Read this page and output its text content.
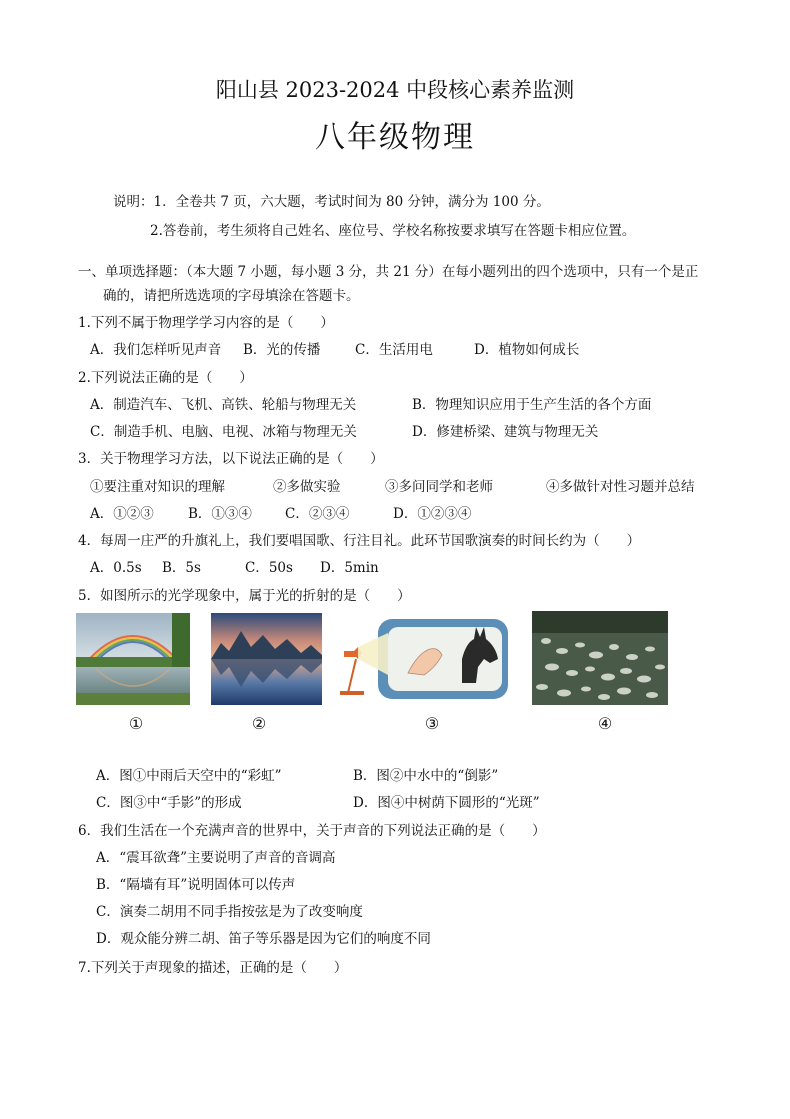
阳山县 2023-2024 中段核心素养监测
八年级物理
说明：1．全卷共 7 页，六大题，考试时间为 80 分钟，满分为 100 分。
2.答卷前，考生须将自己姓名、座位号、学校名称按要求填写在答题卡相应位置。
一、单项选择题：（本大题 7 小题，每小题 3 分，共 21 分）在每小题列出的四个选项中，只有一个是正
确的，请把所选选项的字母填涂在答题卡。
1.下列不属于物理学学习内容的是（　　）
A．我们怎样听见声音 B．光的传播	C．生活用电	D．植物如何成长
2.下列说法正确的是（　　）
A．制造汽车、飞机、高铁、轮船与物理无关	B．物理知识应用于生产生活的各个方面
C．制造手机、电脑、电视、冰箱与物理无关	D．修建桥梁、建筑与物理无关
3．关于物理学习方法，以下说法正确的是（　　）
①要注重对知识的理解	②多做实验	③多问同学和老师	④多做针对性习题并总结
A．①②③	B．①③④ C．②③④	D．①②③④
4．每周一庄严的升旗礼上，我们要唱国歌、行注目礼。此环节国歌演奏的时间长约为（　　）
A．0.5s B．5s	C．50s D．5min
5．如图所示的光学现象中，属于光的折射的是（　　）
①	②	③	④
A．图①中雨后天空中的“彩虹”	B．图②中水中的“倒影”
C．图③中“手影”的形成	D．图④中树荫下圆形的“光斑”
6．我们生活在一个充满声音的世界中，关于声音的下列说法正确的是（　　）
A．“震耳欲聋”主要说明了声音的音调高
B．“隔墙有耳”说明固体可以传声
C．演奏二胡用不同手指按弦是为了改变响度
D．观众能分辨二胡、笛子等乐器是因为它们的响度不同
7.下列关于声现象的描述，正确的是（　　）
